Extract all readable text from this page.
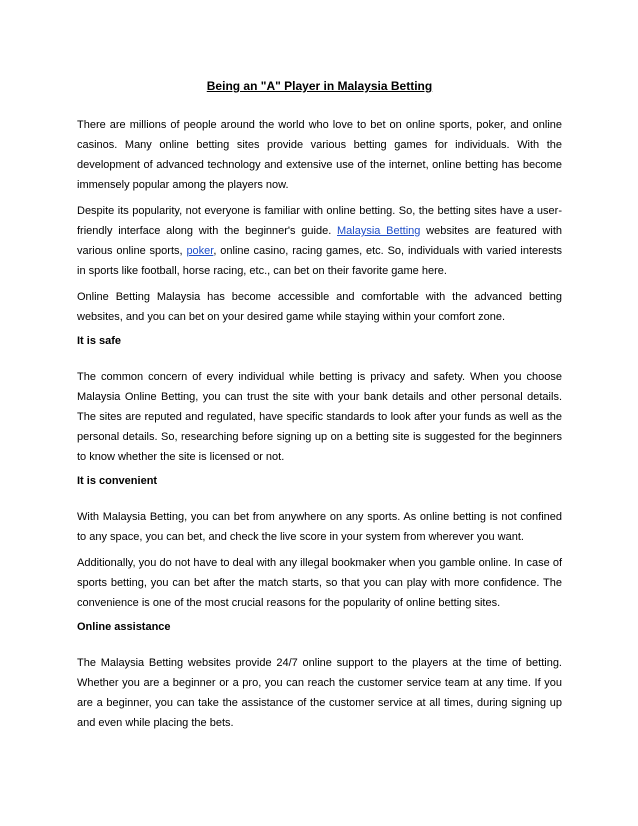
Being an "A" Player in Malaysia Betting

There are millions of people around the world who love to bet on online sports, poker, and online casinos. Many online betting sites provide various betting games for individuals. With the development of advanced technology and extensive use of the internet, online betting has become immensely popular among the players now.

Despite its popularity, not everyone is familiar with online betting. So, the betting sites have a user-friendly interface along with the beginner's guide. Malaysia Betting websites are featured with various online sports, poker, online casino, racing games, etc. So, individuals with varied interests in sports like football, horse racing, etc., can bet on their favorite game here.

Online Betting Malaysia has become accessible and comfortable with the advanced betting websites, and you can bet on your desired game while staying within your comfort zone.

It is safe

The common concern of every individual while betting is privacy and safety. When you choose Malaysia Online Betting, you can trust the site with your bank details and other personal details. The sites are reputed and regulated, have specific standards to look after your funds as well as the personal details. So, researching before signing up on a betting site is suggested for the beginners to know whether the site is licensed or not.

It is convenient

With Malaysia Betting, you can bet from anywhere on any sports. As online betting is not confined to any space, you can bet, and check the live score in your system from wherever you want.

Additionally, you do not have to deal with any illegal bookmaker when you gamble online. In case of sports betting, you can bet after the match starts, so that you can play with more confidence. The convenience is one of the most crucial reasons for the popularity of online betting sites.

Online assistance

The Malaysia Betting websites provide 24/7 online support to the players at the time of betting. Whether you are a beginner or a pro, you can reach the customer service team at any time. If you are a beginner, you can take the assistance of the customer service at all times, during signing up and even while placing the bets.
